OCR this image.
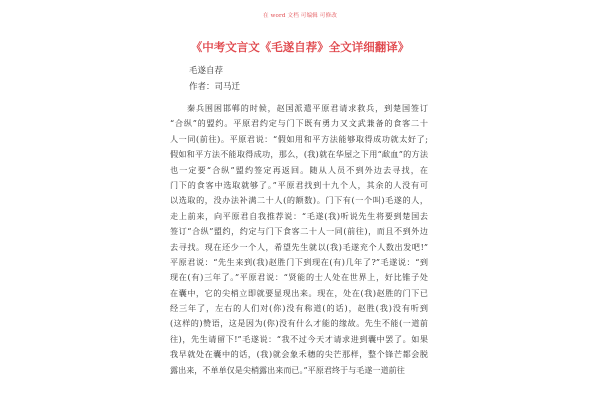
在 word 文档 可编辑 可修改
《中考文言文《毛遂自荐》全文详细翻译》
毛遂自荐
作者：司马迁
秦兵围困邯郸的时候，赵国派遣平原君请求救兵，到楚国签订
“合纵”的盟约。平原君约定与门下既有勇力又文武兼备的食客二十
人一同(前往)。平原君说：“假如用和平方法能够取得成功就太好了;
假如和平方法不能取得成功，那么，(我)就在华屋之下用“歃血”的方法
也一定要“合纵”盟约签定再返回。随从人员不到外边去寻找，在
门下的食客中选取就够了。”平原君找到十九个人，其余的人没有可
以选取的，没办法补满二十人(的额数)。门下有(一个叫)毛遂的人，
走上前来，向平原君自我推荐说：“毛遂(我)听说先生将要到楚国去
签订“合纵”盟约，约定与门下食客二十人一同(前往)，而且不到外边
去寻找。现在还少一个人，希望先生就以(我)毛遂充个人数出发吧!”
平原君说：“先生来到(我)赵胜门下到现在(有)几年了?”毛遂说：“到
现在(有)三年了。”平原君说：“贤能的士人处在世界上，好比锥子处
在囊中，它的尖梢立即就要显现出来。现在，处在(我)赵胜的门下已
经三年了，左右的人们对(你)没有称道(的话)，赵胜(我)没有听到
(这样的)赞语，这是因为(你)没有什么才能的缘故。先生不能(一道前
往)，先生请留下!”毛遂说：“我不过今天才请求进到囊中罢了。如果
我早就处在囊中的话，(我)就会象禾穗的尖芒那样，整个锋芒都会脱
露出来，不单单仅是尖梢露出来而已。”平原君终于与毛遂一道前往
